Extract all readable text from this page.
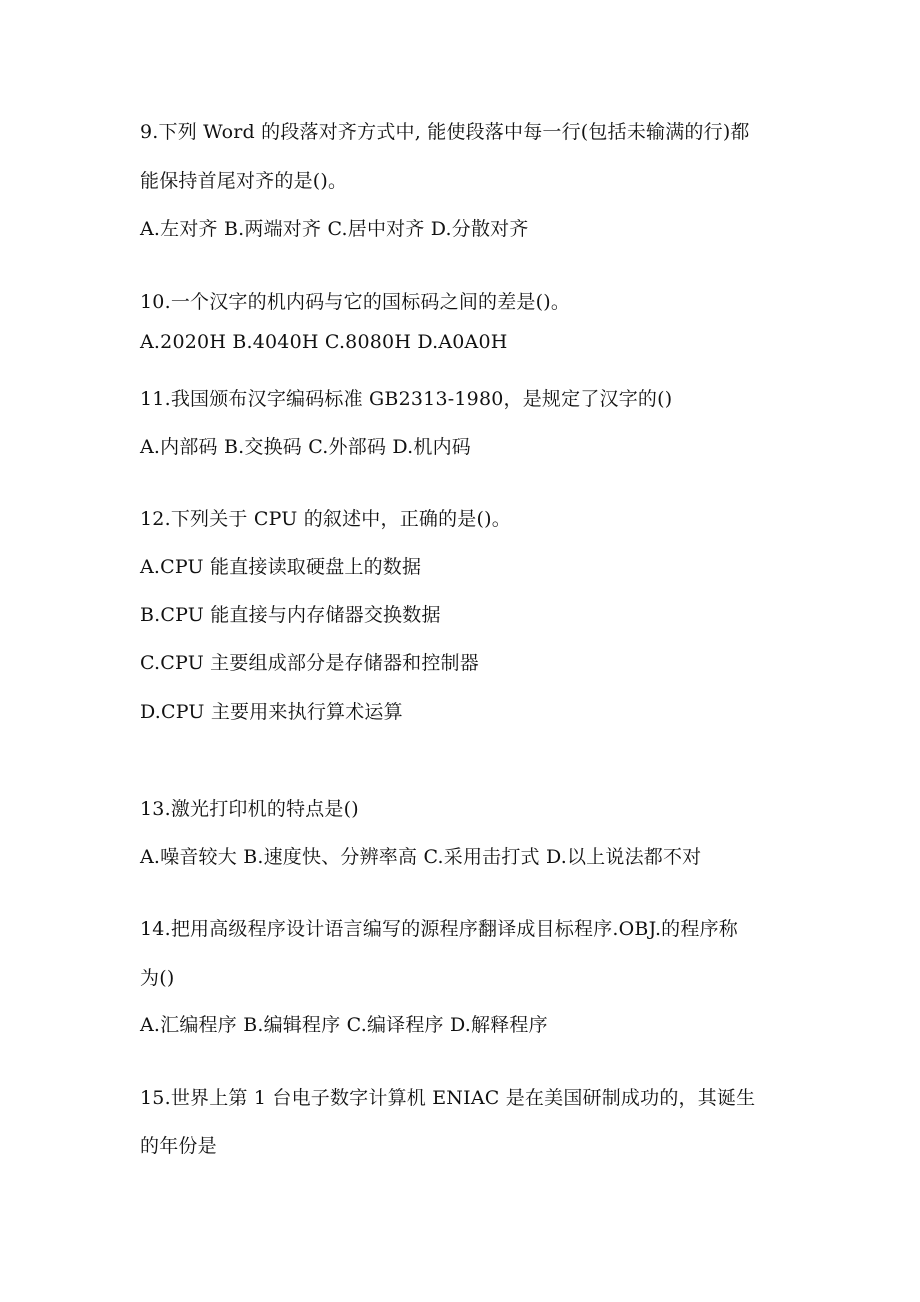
9.下列 Word 的段落对齐方式中, 能使段落中每一行(包括未输满的行)都
能保持首尾对齐的是()。
A.左对齐 B.两端对齐 C.居中对齐 D.分散对齐
10.一个汉字的机内码与它的国标码之间的差是()。
A.2020H B.4040H C.8080H D.A0A0H
11.我国颁布汉字编码标准 GB2313-1980，是规定了汉字的()
A.内部码 B.交换码 C.外部码 D.机内码
12.下列关于 CPU 的叙述中，正确的是()。
A.CPU 能直接读取硬盘上的数据
B.CPU 能直接与内存储器交换数据
C.CPU 主要组成部分是存储器和控制器
D.CPU 主要用来执行算术运算
13.激光打印机的特点是()
A.噪音较大 B.速度快、分辨率高 C.采用击打式 D.以上说法都不对
14.把用高级程序设计语言编写的源程序翻译成目标程序.OBJ.的程序称
为()
A.汇编程序 B.编辑程序 C.编译程序 D.解释程序
15.世界上第 1 台电子数字计算机 ENIAC 是在美国研制成功的，其诞生
的年份是
